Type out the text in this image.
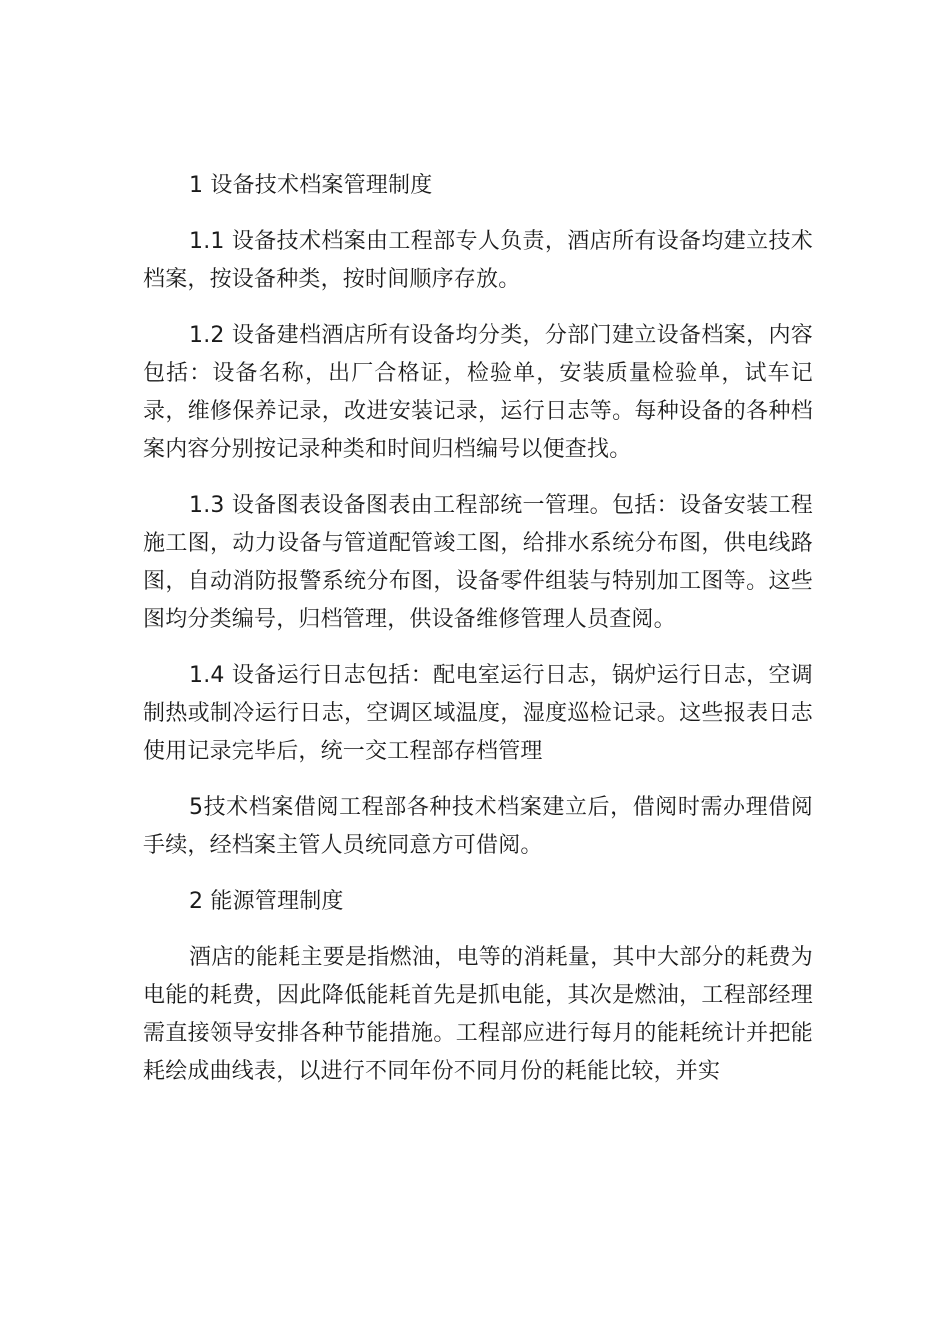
1 设备技术档案管理制度

1.1 设备技术档案由工程部专人负责，酒店所有设备均建立技术档案，按设备种类，按时间顺序存放。

1.2 设备建档酒店所有设备均分类，分部门建立设备档案，内容包括：设备名称，出厂合格证，检验单，安装质量检验单，试车记录，维修保养记录，改进安装记录，运行日志等。每种设备的各种档案内容分别按记录种类和时间归档编号以便查找。

1.3 设备图表设备图表由工程部统一管理。包括：设备安装工程施工图，动力设备与管道配管竣工图，给排水系统分布图，供电线路图，自动消防报警系统分布图，设备零件组装与特别加工图等。这些图均分类编号，归档管理，供设备维修管理人员查阅。

1.4 设备运行日志包括：配电室运行日志，锅炉运行日志，空调制热或制冷运行日志，空调区域温度，湿度巡检记录。这些报表日志使用记录完毕后，统一交工程部存档管理

5技术档案借阅工程部各种技术档案建立后，借阅时需办理借阅手续，经档案主管人员统同意方可借阅。

2 能源管理制度

酒店的能耗主要是指燃油，电等的消耗量，其中大部分的耗费为电能的耗费，因此降低能耗首先是抓电能，其次是燃油，工程部经理需直接领导安排各种节能措施。工程部应进行每月的能耗统计并把能耗绘成曲线表，以进行不同年份不同月份的耗能比较，并实
